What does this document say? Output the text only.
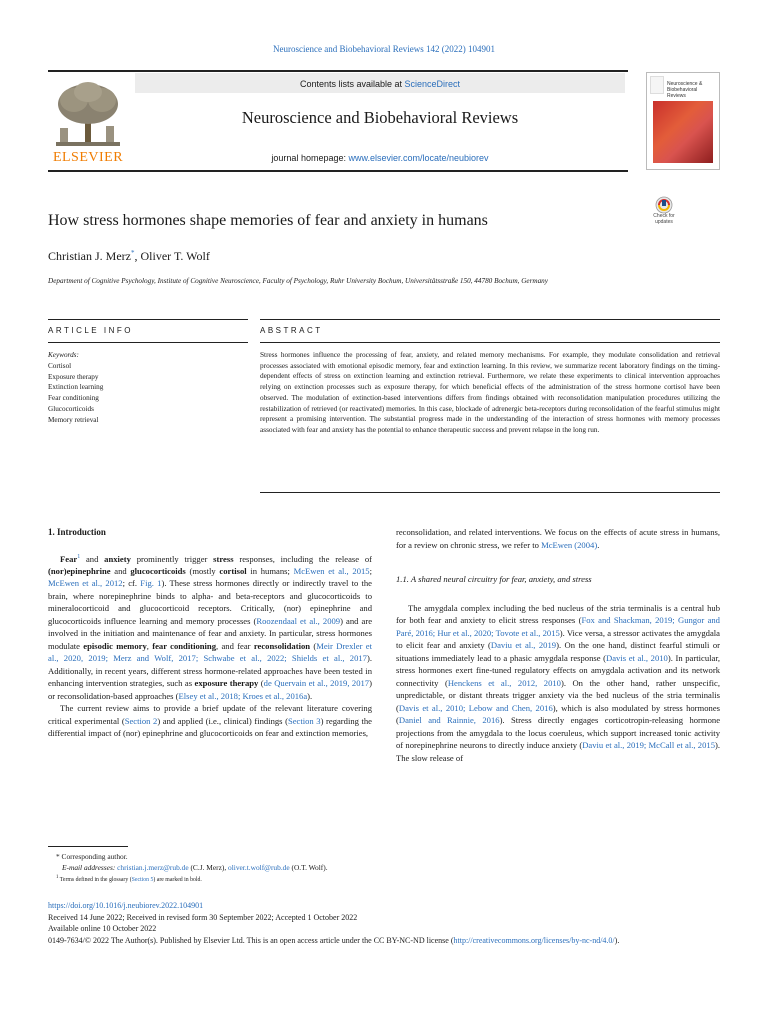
Neuroscience and Biobehavioral Reviews 142 (2022) 104901
ELSEVIER
Contents lists available at ScienceDirect
Neuroscience and Biobehavioral Reviews
journal homepage: www.elsevier.com/locate/neubiorev
Neuroscience & Biobehavioral Reviews
How stress hormones shape memories of fear and anxiety in humans	Check for updates
Christian J. Merz*, Oliver T. Wolf
Department of Cognitive Psychology, Institute of Cognitive Neuroscience, Faculty of Psychology, Ruhr University Bochum, Universitätsstraße 150, 44780 Bochum, Germany
ARTICLE INFO	ABSTRACT
Keywords:
Cortisol
Exposure therapy
Extinction learning
Fear conditioning
Glucocorticoids
Memory retrieval
Stress hormones influence the processing of fear, anxiety, and related memory mechanisms. For example, they modulate consolidation and retrieval processes associated with emotional episodic memory, fear and extinction learning. In this review, we summarize recent laboratory findings on the timing-dependent effects of stress on extinction learning and extinction retrieval. Furthermore, we relate these experiments to clinical intervention approaches relying on extinction processes such as exposure therapy, for which beneficial effects of the administration of the stress hormone cortisol have been observed. The modulation of extinction-based interventions differs from findings obtained with reconsolidation manipulation procedures utilizing the restabilization of retrieved (or reactivated) memories. In this case, blockade of adrenergic beta-receptors during reconsolidation of the fearful stimulus might represent a promising intervention. The substantial progress made in the understanding of the interaction of stress hormones with memory processes associated with fear and anxiety has the potential to enhance therapeutic success and prevent relapse in the long run.
1. Introduction

Fear$^1$ and anxiety prominently trigger stress responses, including the release of (nor)epinephrine and glucocorticoids (mostly cortisol in humans; McEwen et al., 2015; McEwen et al., 2012; cf. Fig. 1). These stress hormones directly or indirectly travel to the brain, where norepinephrine binds to alpha- and beta-receptors and glucocorticoids to mineralocorticoid and glucocorticoid receptors. Critically, (nor) epinephrine and glucocorticoids influence learning and memory processes (Roozendaal et al., 2009) and are involved in the initiation and maintenance of fear and anxiety. In particular, stress hormones modulate episodic memory, fear conditioning, and fear reconsolidation (Meir Drexler et al., 2020, 2019; Merz and Wolf, 2017; Schwabe et al., 2022; Shields et al., 2017). Additionally, in recent years, different stress hormone-related approaches have been tested in enhancing intervention strategies, such as exposure therapy (de Quervain et al., 2019, 2017) or reconsolidation-based approaches (Elsey et al., 2018; Kroes et al., 2016a).

The current review aims to provide a brief update of the relevant literature covering critical experimental (Section 2) and applied (i.e., clinical) findings (Section 3) regarding the differential impact of (nor) epinephrine and glucocorticoids on fear and extinction memories,

reconsolidation, and related interventions. We focus on the effects of acute stress in humans, for a review on chronic stress, we refer to McEwen (2004).

1.1. A shared neural circuitry for fear, anxiety, and stress

The amygdala complex including the bed nucleus of the stria terminalis is a central hub for both fear and anxiety to elicit stress responses (Fox and Shackman, 2019; Gungor and Paré, 2016; Hur et al., 2020; Tovote et al., 2015). Vice versa, a stressor activates the amygdala to elicit fear and anxiety (Daviu et al., 2019). On the one hand, distinct fearful stimuli or situations immediately lead to a phasic amygdala response (Davis et al., 2010). In particular, stress hormones exert fine-tuned regulatory effects on amygdala activation and its network connectivity (Henckens et al., 2012, 2010). On the other hand, rather unspecific, unpredictable, or distant threats trigger anxiety via the bed nucleus of the stria terminalis (Davis et al., 2010; Lebow and Chen, 2016), which is also modulated by stress hormones (Daniel and Rainnie, 2016). Stress directly engages corticotropin-releasing hormone projections from the amygdala to the locus coeruleus, which support increased tonic activity of norepinephrine neurons to directly induce anxiety (Daviu et al., 2019; McCall et al., 2015). The slow release of

* Corresponding author.
E-mail addresses: christian.j.merz@rub.de (C.J. Merz), oliver.t.wolf@rub.de (O.T. Wolf).
$^1$ Terms defined in the glossary (Section 5) are marked in bold.
https://doi.org/10.1016/j.neubiorev.2022.104901
Received 14 June 2022; Received in revised form 30 September 2022; Accepted 1 October 2022
Available online 10 October 2022
0149-7634/© 2022 The Author(s). Published by Elsevier Ltd. This is an open access article under the CC BY-NC-ND license (http://creativecommons.org/licenses/by-nc-nd/4.0/).
